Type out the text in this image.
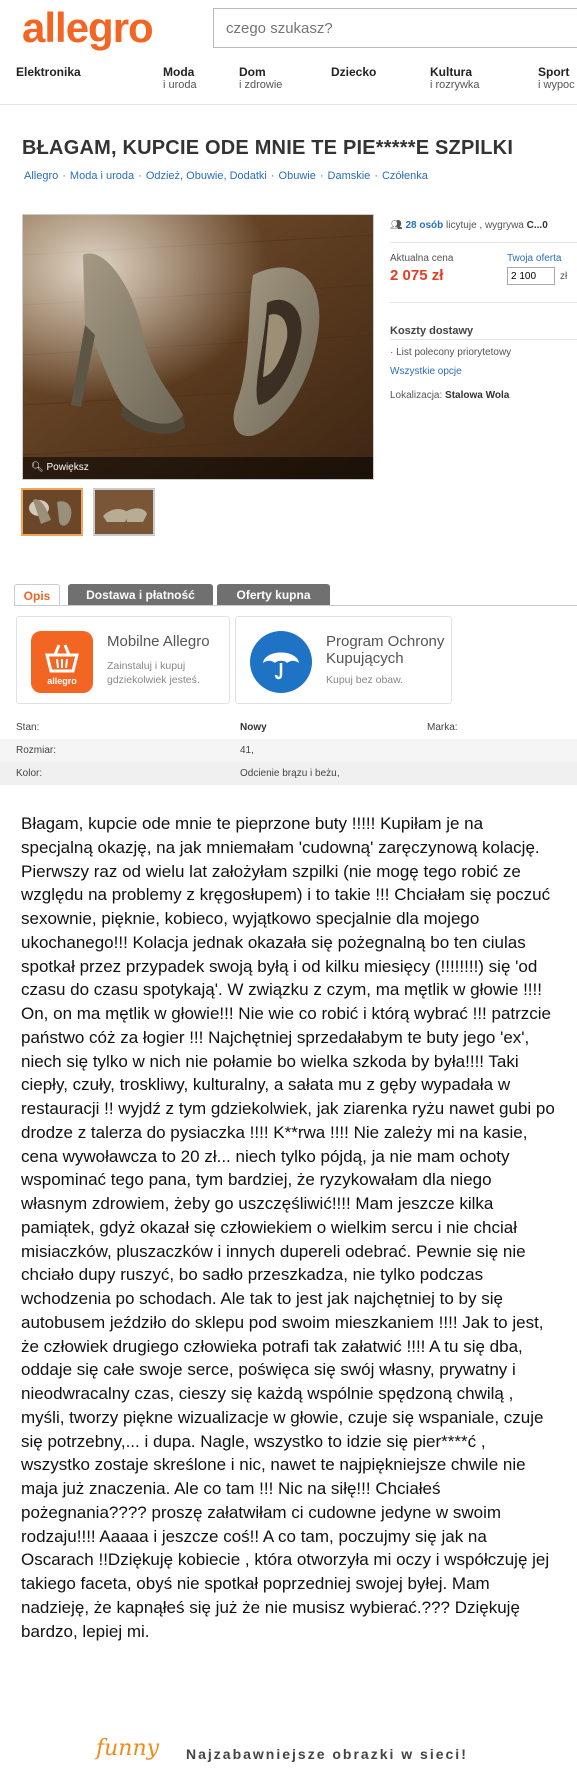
allegro
czego szukasz?
Elektronika	Moda
i uroda
Dom
i zdrowie
Dziecko	Kultura
i rozrywka
Sport
i wypoc
BŁAGAM, KUPCIE ODE MNIE TE PIE*****E SZPILKI
Allegro · Moda i uroda · Odzież, Obuwie, Dodatki · Obuwie · Damskie · Czółenka
🔍︎ Powiększ
👥︎ 28 osób licytuje , wygrywa C...0
Aktualna cena
2 075 zł
Twoja oferta
2 100
zł
Koszty dostawy
· List polecony priorytetowy
Wszystkie opcje
Lokalizacja: Stalowa Wola
Opis	Dostawa i płatność	Oferty kupna
allegro
Mobilne Allegro
Zainstaluj i kupuj
gdziekolwiek jesteś.
Program Ochrony
Kupujących
Kupuj bez obaw.
Stan:	Nowy	Marka:
Rozmiar:	41,
Kolor:	Odcienie brązu i beżu,
Błagam, kupcie ode mnie te pieprzone buty !!!!! Kupiłam je na specjalną okazję, na jak mniemałam 'cudowną' zaręczynową kolację. Pierwszy raz od wielu lat założyłam szpilki (nie mogę tego robić ze względu na problemy z kręgosłupem) i to takie !!! Chciałam się poczuć sexownie, pięknie, kobieco, wyjątkowo specjalnie dla mojego ukochanego!!! Kolacja jednak okazała się pożegnalną bo ten ciulas spotkał przez przypadek swoją byłą i od kilku miesięcy (!!!!!!!!) się 'od czasu do czasu spotykają'. W związku z czym, ma mętlik w głowie !!!! On, on ma mętlik w głowie!!! Nie wie co robić i którą wybrać !!! patrzcie państwo cóż za łogier !!! Najchętniej sprzedałabym te buty jego 'ex', niech się tylko w nich nie połamie bo wielka szkoda by była!!!! Taki ciepły, czuły, troskliwy, kulturalny, a sałata mu z gęby wypadała w restauracji !! wyjdź z tym gdziekolwiek, jak ziarenka ryżu nawet gubi po drodze z talerza do pysiaczka !!!! K**rwa !!!! Nie zależy mi na kasie, cena wywoławcza to 20 zł... niech tylko pójdą, ja nie mam ochoty wspominać tego pana, tym bardziej, że ryzykowałam dla niego własnym zdrowiem, żeby go uszczęśliwić!!!! Mam jeszcze kilka pamiątek, gdyż okazał się człowiekiem o wielkim sercu i nie chciał misiaczków, pluszaczków i innych dupereli odebrać. Pewnie się nie chciało dupy ruszyć, bo sadło przeszkadza, nie tylko podczas wchodzenia po schodach. Ale tak to jest jak najchętniej to by się autobusem jeździło do sklepu pod swoim mieszkaniem !!!! Jak to jest, że człowiek drugiego człowieka potrafi tak załatwić !!!! A tu się dba, oddaje się całe swoje serce, poświęca się swój własny, prywatny i nieodwracalny czas, cieszy się każdą wspólnie spędzoną chwilą , myśli, tworzy piękne wizualizacje w głowie, czuje się wspaniale, czuje się potrzebny,... i dupa. Nagle, wszystko to idzie się pier****ć , wszystko zostaje skreślone i nic, nawet te najpiękniejsze chwile nie maja już znaczenia. Ale co tam !!! Nic na siłę!!! Chciałeś pożegnania???? proszę załatwiłam ci cudowne jedyne w swoim rodzaju!!!! Aaaaa i jeszcze coś!! A co tam, poczujmy się jak na Oscarach !!Dziękuję kobiecie , która otworzyła mi oczy i współczuję jej takiego faceta, obyś nie spotkał poprzedniej swojej byłej. Mam nadzieję, że kapnąłeś się już że nie musisz wybierać.??? Dziękuję bardzo, lepiej mi.
funny Najzabawniejsze obrazki w sieci!
